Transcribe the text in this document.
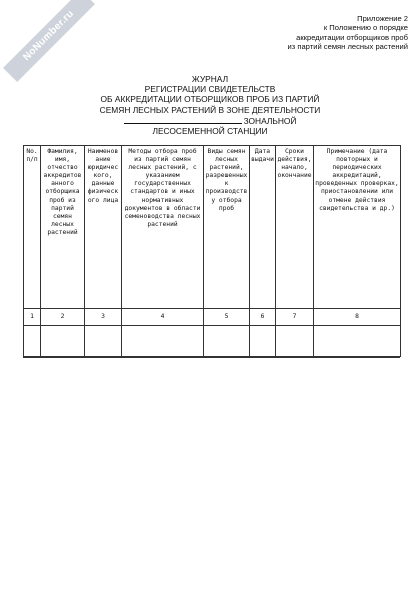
NoNumber.ru	Приложение 2
к Положению о порядке
аккредитации отборщиков проб
из партий семян лесных растений
ЖУРНАЛ
РЕГИСТРАЦИИ СВИДЕТЕЛЬСТВ
ОБ АККРЕДИТАЦИИ ОТБОРЩИКОВ ПРОБ ИЗ ПАРТИЙ
СЕМЯН ЛЕСНЫХ РАСТЕНИЙ В ЗОНЕ ДЕЯТЕЛЬНОСТИ
ЗОНАЛЬНОЙ
ЛЕСОСЕМЕННОЙ СТАНЦИИ
No. п/п	Фамилия, имя, отчество аккредитованного отборщика проб из партий семян лесных растений	Наименование юридического, данные физического лица	Методы отбора проб из партий семян лесных растений, с указанием государственных стандартов и иных нормативных документов в области семеноводства лесных растений	Виды семян лесных растений, разрешенных к производству отбора проб	Дата выдачи	Сроки действия, начало, окончание	Примечание (дата повторных и периодических аккредитаций, проведенных проверках, приостановлении или отмене действия свидетельства и др.)
1	2	3	4	5	6	7	8
